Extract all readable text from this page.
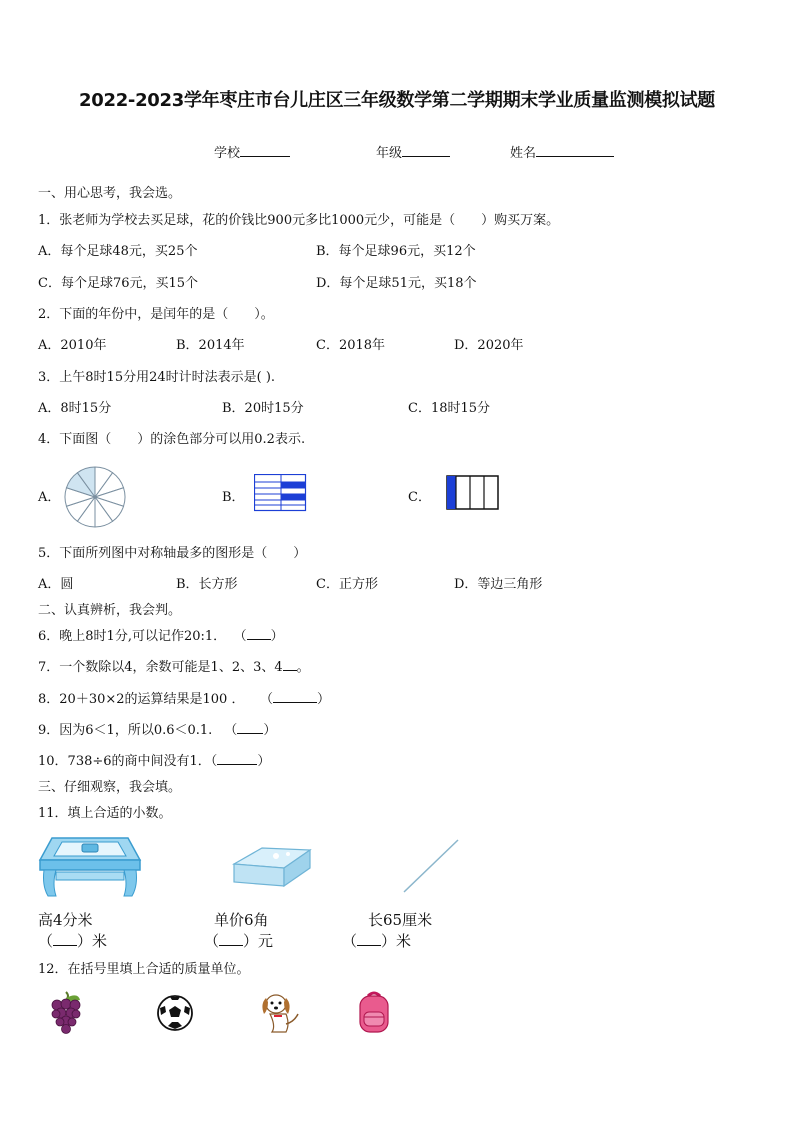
2022-2023学年枣庄市台儿庄区三年级数学第二学期期末学业质量监测模拟试题
学校	年级	姓名
一、用心思考，我会选。
1．张老师为学校去买足球，花的价钱比900元多比1000元少，可能是（　　）购买万案。
A．每个足球48元，买25个	B．每个足球96元，买12个
C．每个足球76元，买15个	D．每个足球51元，买18个
2．下面的年份中，是闰年的是（　　）。
A．2010年	B．2014年	C．2018年	D．2020年
3．上午8时15分用24时计时法表示是( ).
A．8时15分	B．20时15分	C．18时15分
4．下面图（　　）的涂色部分可以用0.2表示.
A．	B．	C．
5．下面所列图中对称轴最多的图形是（　　）
A．圆	B．长方形	C．正方形	D．等边三角形
二、认真辨析，我会判。
6．晚上8时1分,可以记作20:1． （ ）
7．一个数除以4，余数可能是1、2、3、4 。
8．20＋30×2的运算结果是100 ． （	）
9．因为6＜1，所以0.6＜0.1. （ ）
10．738÷6的商中间没有1．（	）
三、仔细观察，我会填。
11．填上合适的小数。
高4分米	单价6角	长65厘米
（ ）米	（ ）元	（ ）米
12．在括号里填上合适的质量单位。
